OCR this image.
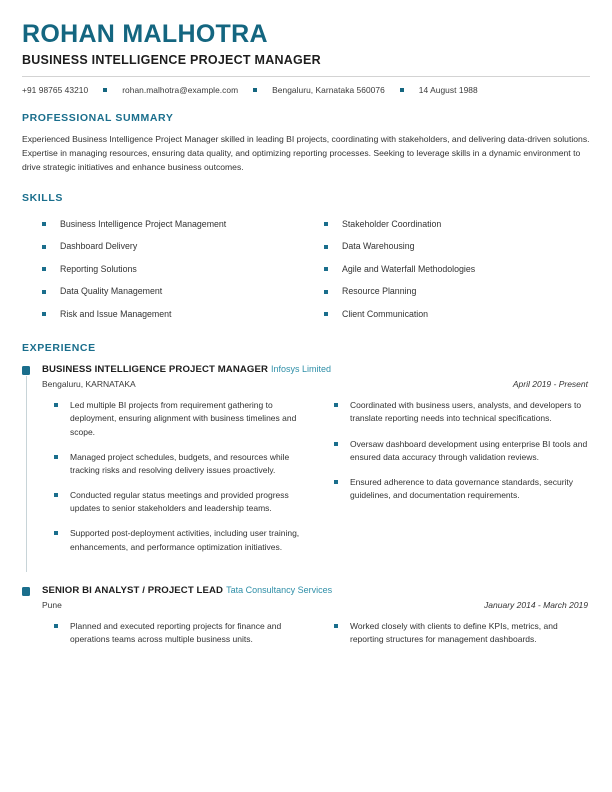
ROHAN MALHOTRA
BUSINESS INTELLIGENCE PROJECT MANAGER
+91 98765 43210	rohan.malhotra@example.com	Bengaluru, Karnataka 560076	14 August 1988
PROFESSIONAL SUMMARY

Experienced Business Intelligence Project Manager skilled in leading BI projects, coordinating with stakeholders, and delivering data-driven solutions. Expertise in managing resources, ensuring data quality, and optimizing reporting processes. Seeking to leverage skills in a dynamic environment to drive strategic initiatives and enhance business outcomes.

SKILLS
Business Intelligence Project Management	Stakeholder Coordination
Dashboard Delivery	Data Warehousing
Reporting Solutions	Agile and Waterfall Methodologies
Data Quality Management	Resource Planning
Risk and Issue Management	Client Communication
EXPERIENCE
BUSINESS INTELLIGENCE PROJECT MANAGER Infosys Limited
Bengaluru, KARNATAKA	April 2019 - Present
Led multiple BI projects from requirement gathering to deployment, ensuring alignment with business timelines and scope.
Managed project schedules, budgets, and resources while tracking risks and resolving delivery issues proactively.
Conducted regular status meetings and provided progress updates to senior stakeholders and leadership teams.
Supported post-deployment activities, including user training, enhancements, and performance optimization initiatives.
Coordinated with business users, analysts, and developers to translate reporting needs into technical specifications.
Oversaw dashboard development using enterprise BI tools and ensured data accuracy through validation reviews.
Ensured adherence to data governance standards, security guidelines, and documentation requirements.
SENIOR BI ANALYST / PROJECT LEAD Tata Consultancy Services
Pune	January 2014 - March 2019
Planned and executed reporting projects for finance and operations teams across multiple business units.
Worked closely with clients to define KPIs, metrics, and reporting structures for management dashboards.
